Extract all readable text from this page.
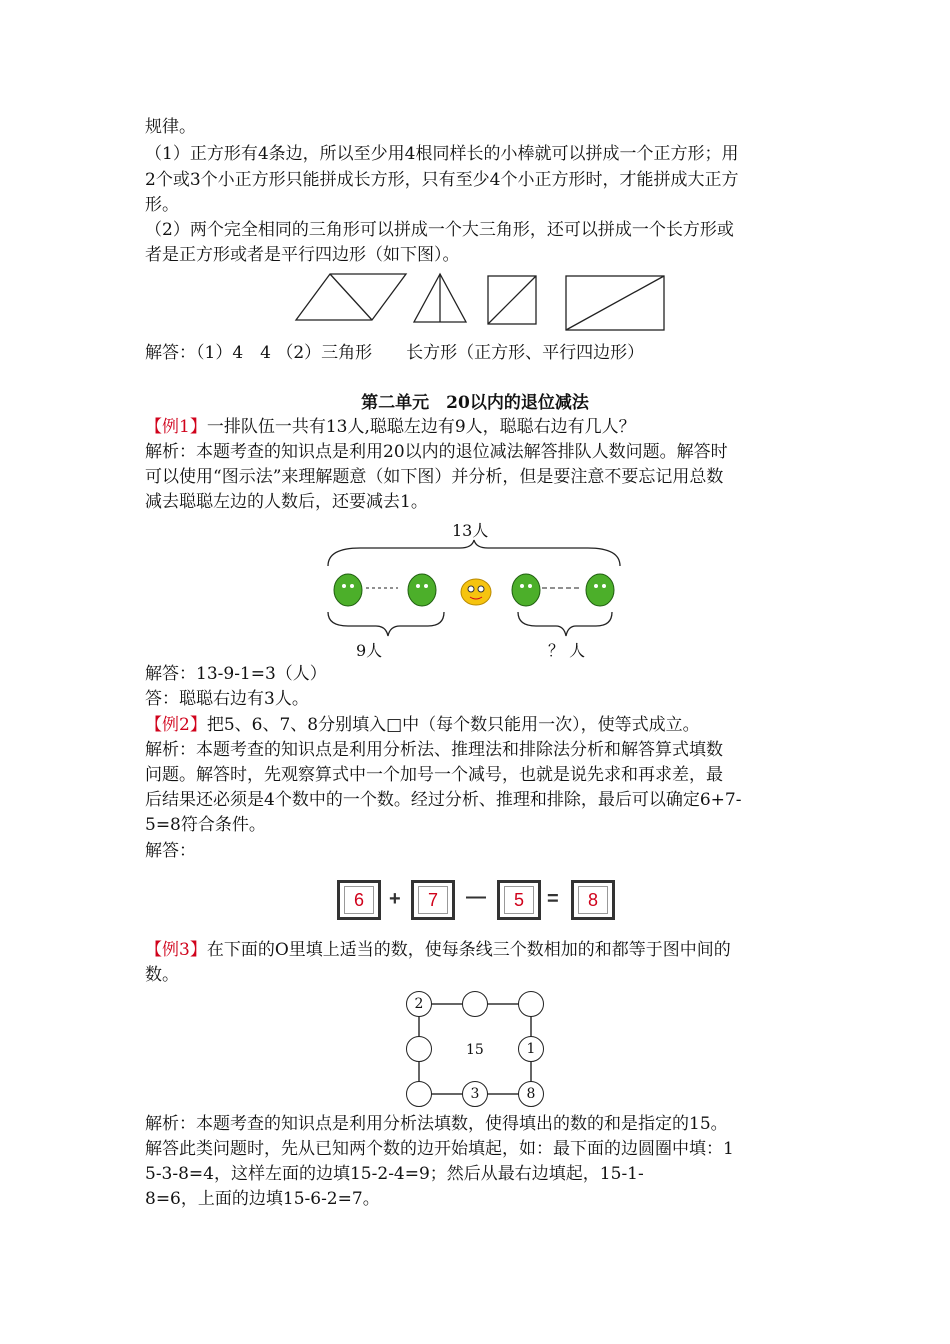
规律。
（1）正方形有4条边，所以至少用4根同样长的小棒就可以拼成一个正方形；用
2个或3个小正方形只能拼成长方形，只有至少4个小正方形时，才能拼成大正方
形。
（2）两个完全相同的三角形可以拼成一个大三角形，还可以拼成一个长方形或
者是正方形或者是平行四边形（如下图）。
解答：（1）4　4 （2）三角形　　长方形（正方形、平行四边形）
第二单元　20以内的退位减法
【例1】一排队伍一共有13人,聪聪左边有9人，聪聪右边有几人？
解析：本题考查的知识点是利用20以内的退位减法解答排队人数问题。解答时
可以使用“图示法”来理解题意（如下图）并分析，但是要注意不要忘记用总数
减去聪聪左边的人数后，还要减去1。
13人
9人	？ 人
解答：13-9-1=3（人）
答：聪聪右边有3人。
【例2】把5、6、7、8分别填入□中（每个数只能用一次），使等式成立。
解析：本题考查的知识点是利用分析法、推理法和排除法分析和解答算式填数
问题。解答时，先观察算式中一个加号一个减号，也就是说先求和再求差，最
后结果还必须是4个数中的一个数。经过分析、推理和排除，最后可以确定6+7-
5=8符合条件。
解答：
6	+	7	—	5	=	8
【例3】在下面的O里填上适当的数，使每条线三个数相加的和都等于图中间的
数。
2
15	1
3	8
解析：本题考查的知识点是利用分析法填数，使得填出的数的和是指定的15。
解答此类问题时，先从已知两个数的边开始填起，如：最下面的边圆圈中填：1
5-3-8=4，这样左面的边填15-2-4=9；然后从最右边填起，15-1-
8=6，上面的边填15-6-2=7。
